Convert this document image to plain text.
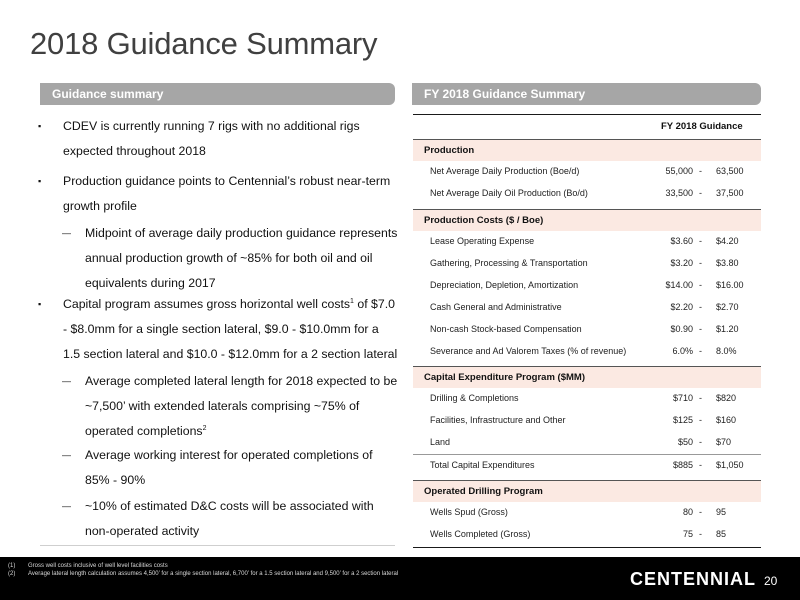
2018 Guidance Summary
Guidance summary	FY 2018 Guidance Summary
▪ CDEV is currently running 7 rigs with no additional rigs expected throughout 2018
▪ Production guidance points to Centennial’s robust near-term growth profile
— Midpoint of average daily production guidance represents annual production growth of ~85% for both oil and oil equivalents during 2017
▪ Capital program assumes gross horizontal well costs$^1$ of $7.0 - $8.0mm for a single section lateral, $9.0 - $10.0mm for a 1.5 section lateral and $10.0 - $12.0mm for a 2 section lateral
— Average completed lateral length for 2018 expected to be ~7,500’ with extended laterals comprising ~75% of operated completions$^2$
— Average working interest for operated completions of 85% - 90%
— ~10% of estimated D&C costs will be associated with non-operated activity
FY 2018 Guidance
Production
Net Average Daily Production (Boe/d)	55,000 - 63,500
Net Average Daily Oil Production (Bo/d)	33,500 - 37,500
Production Costs ($ / Boe)
Lease Operating Expense	$3.60 - $4.20
Gathering, Processing & Transportation	$3.20 - $3.80
Depreciation, Depletion, Amortization	$14.00 - $16.00
Cash General and Administrative	$2.20 - $2.70
Non-cash Stock-based Compensation	$0.90 - $1.20
Severance and Ad Valorem Taxes (% of revenue)	6.0% - 8.0%
Capital Expenditure Program ($MM)
Drilling & Completions	$710 - $820
Facilities, Infrastructure and Other	$125 - $160
Land	$50 - $70
Total Capital Expenditures	$885 - $1,050
Operated Drilling Program
Wells Spud (Gross)	80 - 95
Wells Completed (Gross)	75 - 85
(1) Gross well costs inclusive of well level facilities costs
(2) Average lateral length calculation assumes 4,500’ for a single section lateral, 6,700’ for a 1.5 section lateral and 9,500’ for a 2 section lateral	CENTENNIAL 20
